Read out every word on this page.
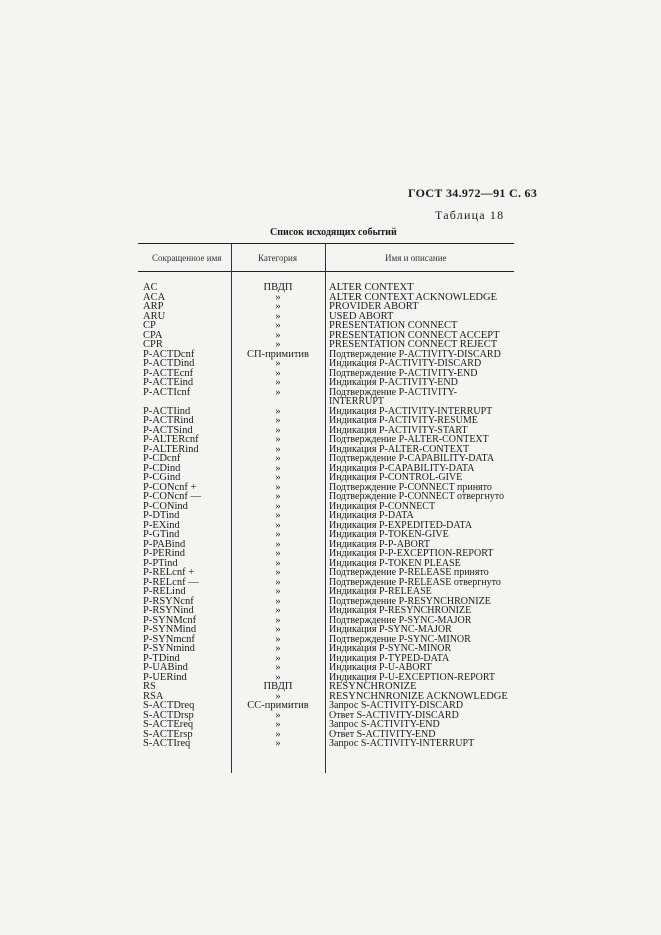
ГОСТ 34.972—91 С. 63
Таблица 18
Список исходящих событий
Сокращенное имя	Категория	Имя и описание
AC	ПВДП	ALTER CONTEXT
ACA	»	ALTER CONTEXT ACKNOWLEDGE
ARP	»	PROVIDER ABORT
ARU	»	USED ABORT
CP	»	PRESENTATION CONNECT
CPA	»	PRESENTATION CONNECT ACCEPT
CPR	»	PRESENTATION CONNECT REJECT
P-ACTDcnf	СП-примитив	Подтверждение P-ACTIVITY-DISCARD
P-ACTDind	»	Индикация P-ACTIVITY-DISCARD
P-ACTEcnf	»	Подтверждение P-ACTIVITY-END
P-ACTEind	»	Индикация P-ACTIVITY-END
P-ACTIcnf	»	Подтверждение P-ACTIVITY-
INTERRUPT
P-ACTIind	»	Индикация P-ACTIVITY-INTERRUPT
P-ACTRind	»	Индикация P-ACTIVITY-RESUME
P-ACTSind	»	Индикация P-ACTIVITY-START
P-ALTERcnf	»	Подтверждение P-ALTER-CONTEXT
P-ALTERind	»	Индикация P-ALTER-CONTEXT
P-CDcnf	»	Подтверждение P-CAPABILITY-DATA
P-CDind	»	Индикация P-CAPABILITY-DATA
P-CGind	»	Индикация P-CONTROL-GIVE
P-CONcnf +	»	Подтверждение P-CONNECT принято
P-CONcnf —	»	Подтверждение P-CONNECT отвергнуто
P-CONind	»	Индикация P-CONNECT
P-DTind	»	Индикация P-DATA
P-EXind	»	Индикация P-EXPEDITED-DATA
P-GTind	»	Индикация P-TOKEN-GIVE
P-PABind	»	Индикация P-P-ABORT
P-PERind	»	Индикация P-P-EXCEPTION-REPORT
P-PTind	»	Индикация P-TOKEN PLEASE
P-RELcnf +	»	Подтверждение P-RELEASE принято
P-RELcnf —	»	Подтверждение P-RELEASE отвергнуто
P-RELind	»	Индикация P-RELEASE
P-RSYNcnf	»	Подтверждение P-RESYNCHRONIZE
P-RSYNind	»	Индикация P-RESYNCHRONIZE
P-SYNMcnf	»	Подтверждение P-SYNC-MAJOR
P-SYNMind	»	Индикация P-SYNC-MAJOR
P-SYNmcnf	»	Подтверждение P-SYNC-MINOR
P-SYNmind	»	Индикация P-SYNC-MINOR
P-TDind	»	Индикация P-TYPED-DATA
P-UABind	»	Индикация P-U-ABORT
P-UERind	»	Индикация P-U-EXCEPTION-REPORT
RS	ПВДП	RESYNCHRONIZE
RSA	»	RESYNCHNRONIZE ACKNOWLEDGE
S-ACTDreq	СС-примитив	Запрос S-ACTIVITY-DISCARD
S-ACTDrsp	»	Ответ S-ACTIVITY-DISCARD
S-ACTEreq	»	Запрос S-ACTIVITY-END
S-ACTErsp	»	Ответ S-ACTIVITY-END
S-ACTIreq	»	Запрос S-ACTIVITY-INTERRUPT
